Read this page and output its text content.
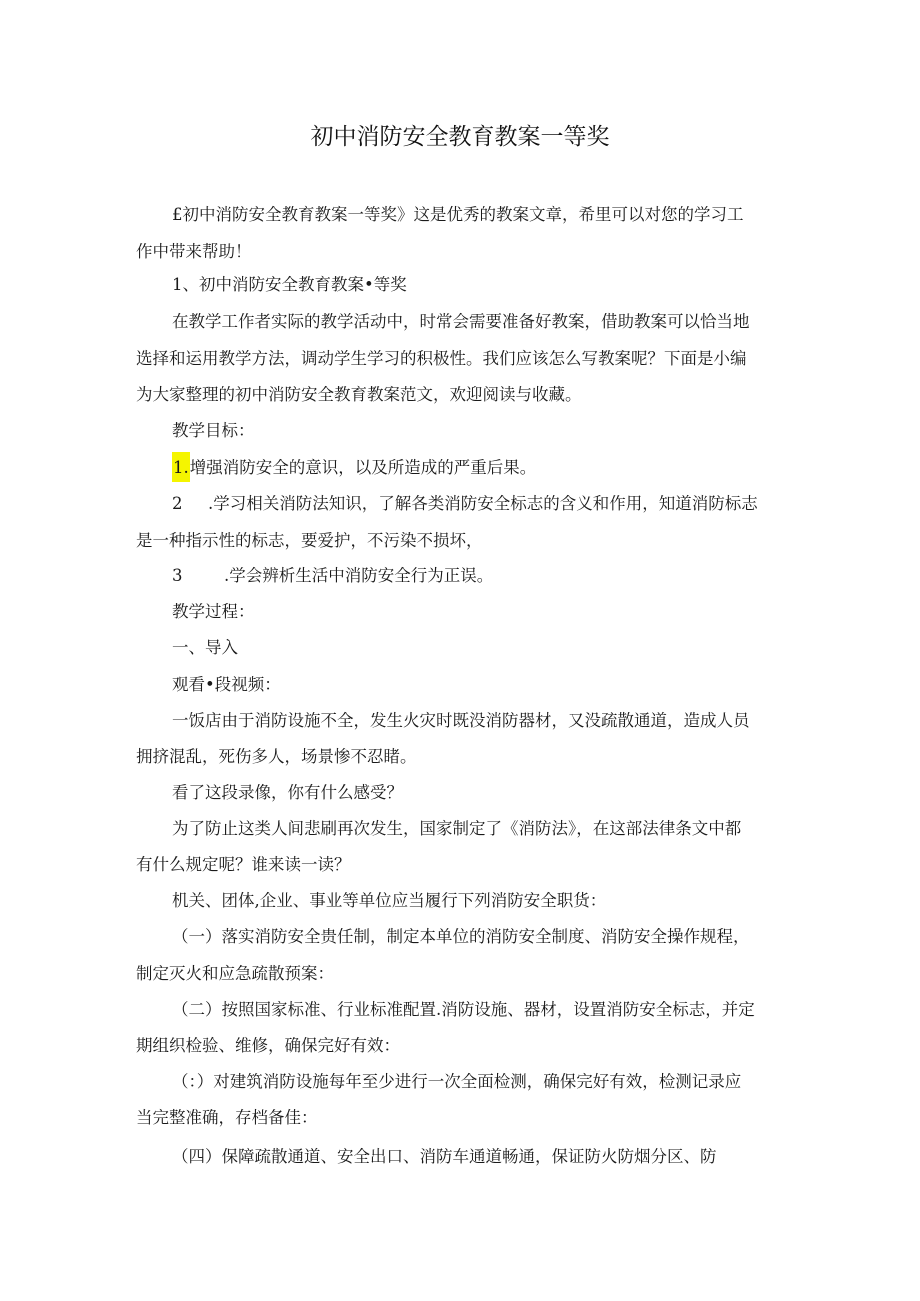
初中消防安全教育教案一等奖

£初中消防安全教育教案一等奖》这是优秀的教案文章，希里可以对您的学习工

作中带来帮助！

1、初中消防安全教育教案•等奖

在教学工作者实际的教学活动中，时常会需要准备好教案，借助教案可以恰当地

选择和运用教学方法，调动学生学习的积极性。我们应该怎么写教案呢？下面是小编

为大家整理的初中消防安全教育教案范文，欢迎阅读与收藏。

教学目标：

1.增强消防安全的意识，以及所造成的严重后果。

2 .学习相关消防法知识，了解各类消防安全标志的含义和作用，知道消防标志

是一种指示性的标志，要爱护，不污染不损坏，

3	.学会辨析生活中消防安全行为正误。

教学过程：

一、导入

观看•段视频：

一饭店由于消防设施不全，发生火灾时既没消防器材，又没疏散通道，造成人员

拥挤混乱，死伤多人，场景惨不忍睹。

看了这段录像，你有什么感受？

为了防止这类人间悲刷再次发生，国家制定了《消防法》，在这部法律条文中都

有什么规定呢？谁来读一读？

机关、团体,企业、事业等单位应当履行下列消防安全职货：

（一）落实消防安全贵任制，制定本单位的消防安全制度、消防安全操作规程，

制定灭火和应急疏散预案：

（二）按照国家标准、行业标准配置.消防设施、器材，设置消防安全标志，并定

期组织检验、维修，确保完好有效：

（：）对建筑消防设施每年至少进行一次全面检测，确保完好有效，检测记录应

当完整准确，存档备佳：

（四）保障疏散通道、安全出口、消防车通道畅通，保证防火防烟分区、防
